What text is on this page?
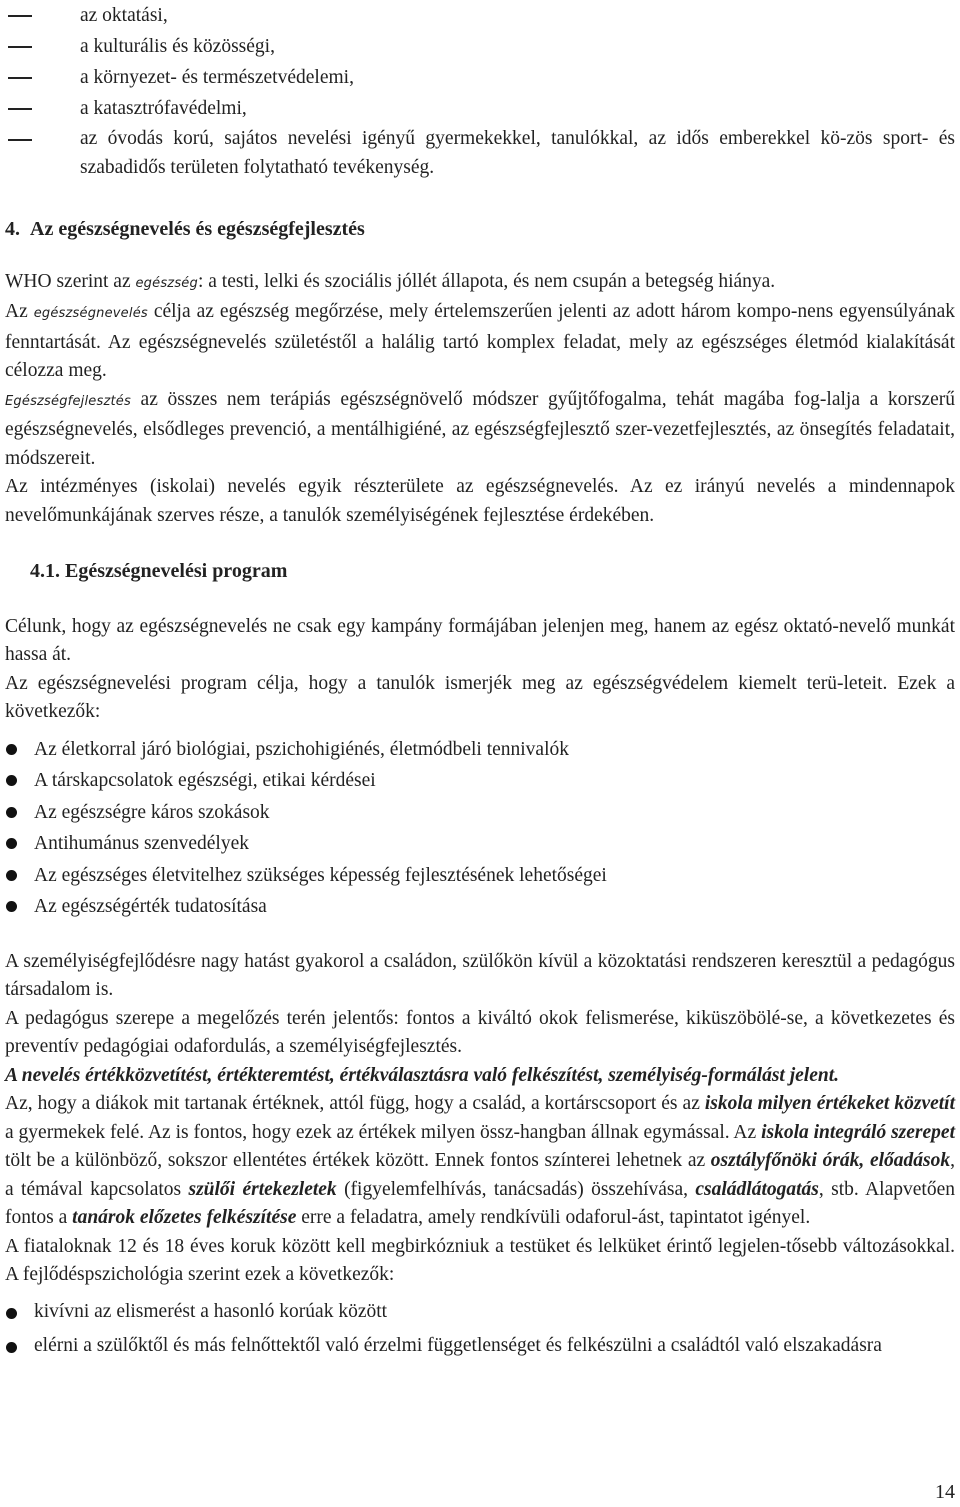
az oktatási,
a kulturális és közösségi,
a környezet- és természetvédelemi,
a katasztrófavédelmi,
az óvodás korú, sajátos nevelési igényű gyermekekkel, tanulókkal, az idős emberekkel kö-zös sport- és szabadidős területen folytatható tevékenység.
4. Az egészségnevelés és egészségfejlesztés

WHO szerint az egészség: a testi, lelki és szociális jóllét állapota, és nem csupán a betegség hiánya.

Az egészségnevelés célja az egészség megőrzése, mely értelemszerűen jelenti az adott három kompo-nens egyensúlyának fenntartását. Az egészségnevelés születéstől a halálig tartó komplex feladat, mely az egészséges életmód kialakítását célozza meg.

Egészségfejlesztés az összes nem terápiás egészségnövelő módszer gyűjtőfogalma, tehát magába fog-lalja a korszerű egészségnevelés, elsődleges prevenció, a mentálhigiéné, az egészségfejlesztő szer-vezetfejlesztés, az önsegítés feladatait, módszereit.

Az intézményes (iskolai) nevelés egyik részterülete az egészségnevelés. Az ez irányú nevelés a mindennapok nevelőmunkájának szerves része, a tanulók személyiségének fejlesztése érdekében.

4.1. Egészségnevelési program

Célunk, hogy az egészségnevelés ne csak egy kampány formájában jelenjen meg, hanem az egész oktató-nevelő munkát hassa át.

Az egészségnevelési program célja, hogy a tanulók ismerjék meg az egészségvédelem kiemelt terü-leteit. Ezek a következők:

Az életkorral járó biológiai, pszichohigiénés, életmódbeli tennivalók
A társkapcsolatok egészségi, etikai kérdései
Az egészségre káros szokások
Antihumánus szenvedélyek
Az egészséges életvitelhez szükséges képesség fejlesztésének lehetőségei
Az egészségérték tudatosítása

A személyiségfejlődésre nagy hatást gyakorol a családon, szülőkön kívül a közoktatási rendszeren keresztül a pedagógus társadalom is.

A pedagógus szerepe a megelőzés terén jelentős: fontos a kiváltó okok felismerése, kiküszöbölé-se, a következetes és preventív pedagógiai odafordulás, a személyiségfejlesztés.

A nevelés értékközvetítést, értékteremtést, értékválasztásra való felkészítést, személyiség-formálást jelent.

Az, hogy a diákok mit tartanak értéknek, attól függ, hogy a család, a kortárscsoport és az iskola milyen értékeket közvetít a gyermekek felé. Az is fontos, hogy ezek az értékek milyen össz-hangban állnak egymással. Az iskola integráló szerepet tölt be a különböző, sokszor ellentétes értékek között. Ennek fontos színterei lehetnek az osztályfőnöki órák, előadások, a témával kapcsolatos szülői értekezletek (figyelemfelhívás, tanácsadás) összehívása, családlátogatás, stb. Alapvetően fontos a tanárok előzetes felkészítése erre a feladatra, amely rendkívüli odaforul-ást, tapintatot igényel.

A fiataloknak 12 és 18 éves koruk között kell megbirkózniuk a testüket és lelküket érintő legjelen-tősebb változásokkal. A fejlődéspszichológia szerint ezek a következők:

kivívni az elismerést a hasonló korúak között
elérni a szülőktől és más felnőttektől való érzelmi függetlenséget és felkészülni a családtól való elszakadásra
14
